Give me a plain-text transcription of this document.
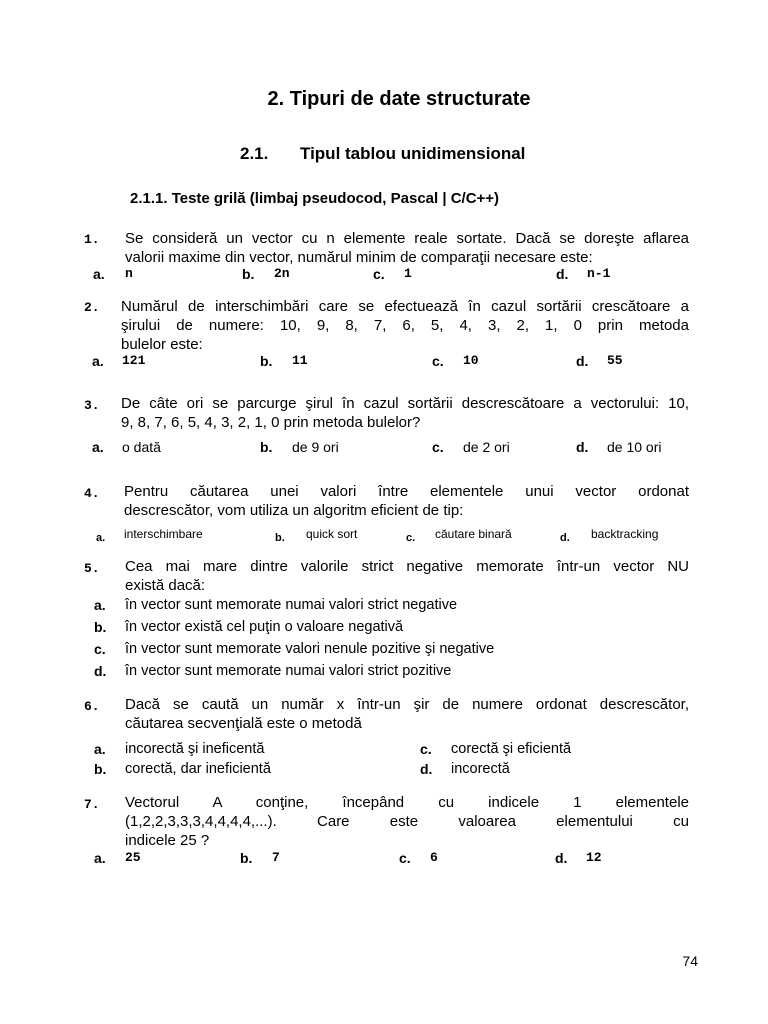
2. Tipuri de date structurate
2.1. Tipul tablou unidimensional
2.1.1. Teste grilă (limbaj pseudocod, Pascal | C/C++)
1. Se consideră un vector cu n elemente reale sortate. Dacă se doreşte aflarea
valorii maxime din vector, numărul minim de comparaţii necesare este:
a. n	b. 2n	c. 1	d. n-1
2. Numărul de interschimbări care se efectuează în cazul sortării crescătoare a
şirului de numere: 10, 9, 8, 7, 6, 5, 4, 3, 2, 1, 0 prin metoda
bulelor este:
a. 121	b. 11	c. 10	d. 55
3. De câte ori se parcurge şirul în cazul sortării descrescătoare a vectorului: 10,
9, 8, 7, 6, 5, 4, 3, 2, 1, 0 prin metoda bulelor?
a. o dată	b. de 9 ori	c. de 2 ori	d. de 10 ori
4. Pentru căutarea unei valori între elementele unui vector ordonat
descrescător, vom utiliza un algoritm eficient de tip:
a. interschimbare	b. quick sort	c. căutare binară	d. backtracking
5. Cea mai mare dintre valorile strict negative memorate într-un vector NU
există dacă:
a. în vector sunt memorate numai valori strict negative
b. în vector există cel puţin o valoare negativă
c. în vector sunt memorate valori nenule pozitive şi negative
d. în vector sunt memorate numai valori strict pozitive
6. Dacă se caută un număr x într-un şir de numere ordonat descrescător,
căutarea secvenţială este o metodă
a. incorectă şi ineficentă	c. corectă şi eficientă
b. corectă, dar ineficientă	d. incorectă
7. Vectorul A conţine, începând cu indicele 1 elementele
(1,2,2,3,3,3,4,4,4,4,...). Care este valoarea elementului cu
indicele 25 ?
a. 25	b. 7	c. 6	d. 12
74
